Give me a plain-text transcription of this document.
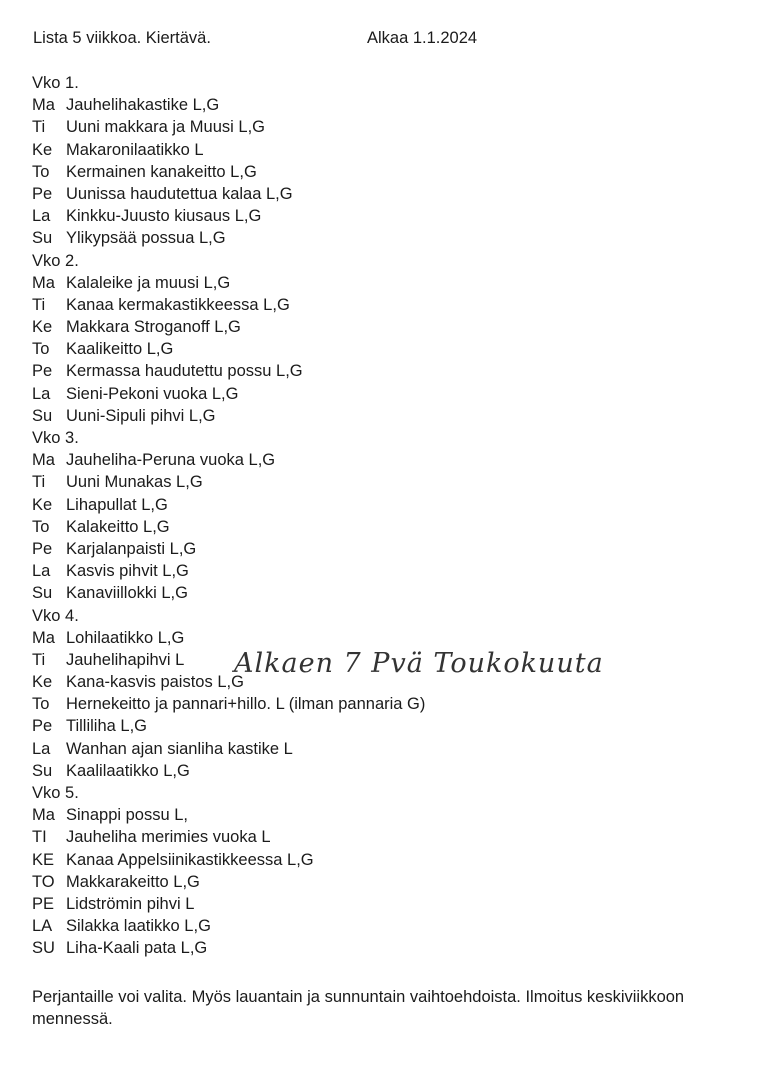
Lista 5 viikkoa. Kiertävä.	Alkaa 1.1.2024
Vko 1.
Ma Jauhelihakastike L,G
Ti	Uuni makkara ja Muusi L,G
Ke Makaronilaatikko L
To	Kermainen kanakeitto L,G
Pe Uunissa haudutettua kalaa L,G
La Kinkku-Juusto kiusaus L,G
Su Ylikypsää possua L,G
Vko 2.
Ma Kalaleike ja muusi L,G
Ti	Kanaa kermakastikkeessa L,G
Ke Makkara Stroganoff L,G
To	Kaalikeitto L,G
Pe Kermassa haudutettu possu L,G
La Sieni-Pekoni vuoka L,G
Su Uuni-Sipuli pihvi L,G
Vko 3.
Ma Jauheliha-Peruna vuoka L,G
Ti	Uuni Munakas L,G
Ke Lihapullat L,G
To	Kalakeitto L,G
Pe Karjalanpaisti L,G
La Kasvis pihvit L,G
Su Kanaviillokki L,G
Vko 4.
Ma Lohilaatikko L,G
Ti	Jauhelihapihvi L
Ke Kana-kasvis paistos L,G
To	Hernekeitto ja pannari+hillo. L (ilman pannaria G)
Pe Tilliliha L,G
La Wanhan ajan sianliha kastike L
Su Kaalilaatikko L,G
Vko 5.
Ma Sinappi possu L,
TI	Jauheliha merimies vuoka L
KE Kanaa Appelsiinikastikkeessa L,G
TO Makkarakeitto L,G
PE Lidströmin pihvi L
LA Silakka laatikko L,G
SU Liha-Kaali pata L,G
Alkaen 7 Pvä Toukokuuta
Perjantaille voi valita. Myös lauantain ja sunnuntain vaihtoehdoista. Ilmoitus keskiviikkoon mennessä.
